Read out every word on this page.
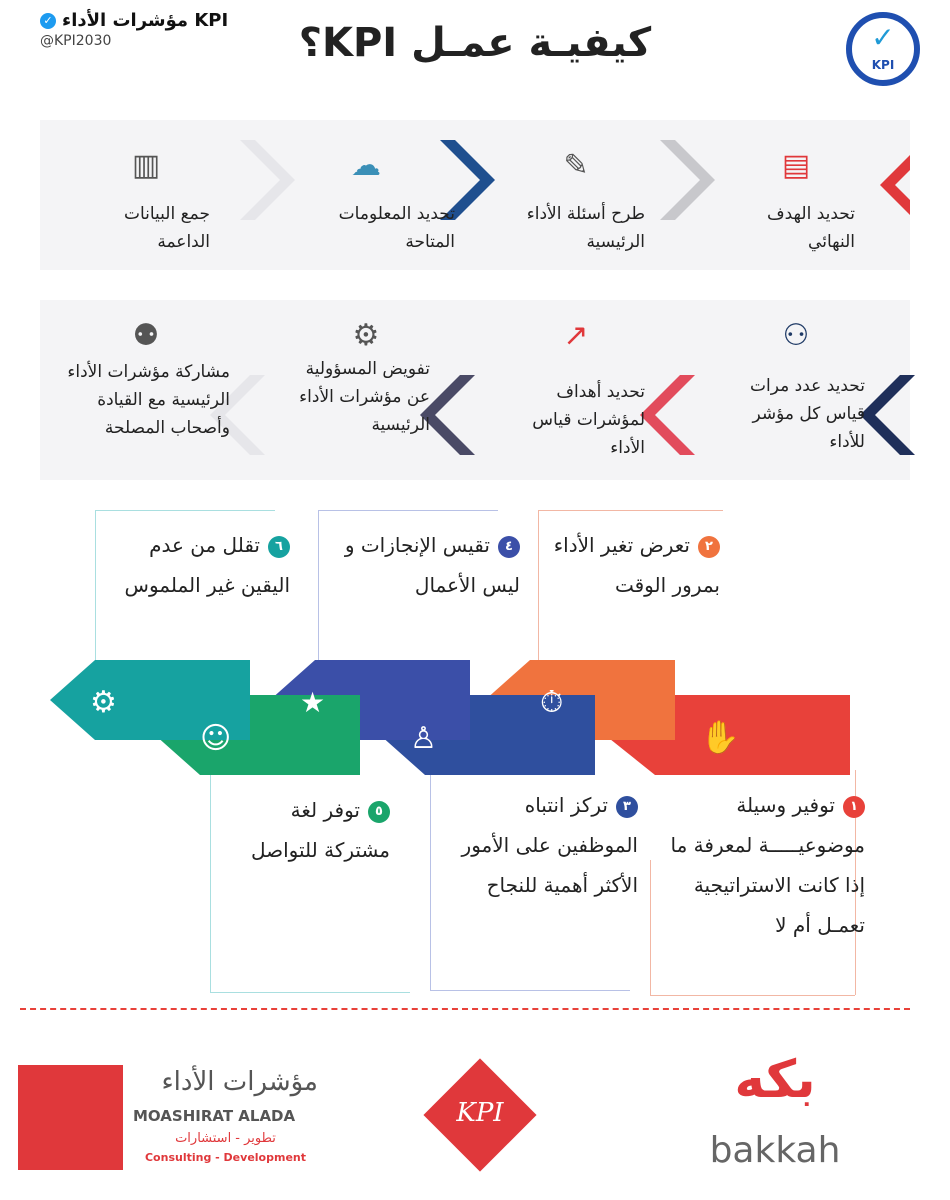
✓ مؤشرات الأداء KPI
@KPI2030	كيفيـة عمـل KPI؟	✓
KPI
▤
تحديد الهدف النهائي
✎
طرح أسئلة الأداء الرئيسية
☁
تحديد المعلومات المتاحة
▥
جمع البيانات الداعمة
⚇
تحديد عدد مرات قياس كل مؤشر للأداء
↗
تحديد أهداف لمؤشرات قياس الأداء
⚙
تفويض المسؤولية عن مؤشرات الأداء الرئيسية
⚉
مشاركة مؤشرات الأداء الرئيسية مع القيادة وأصحاب المصلحة
✋
⏱
♙
★
☺
⚙
٢تعرض تغير الأداء بمرور الوقت
٤تقيس الإنجازات و ليس الأعمال
٦تقلل من عدم اليقين غير الملموس
١توفير وسيلة موضوعيـــــة لمعرفة ما إذا كانت الاستراتيجية تعمـل أم لا
٣تركز انتباه الموظفين على الأمور الأكثر أهمية للنجاح
٥توفر لغة مشتركة للتواصل
مؤشرات الأداء
MOASHIRAT ALADA
تطوير - استشارات
Consulting - Development
KPI
بكه
bakkah
